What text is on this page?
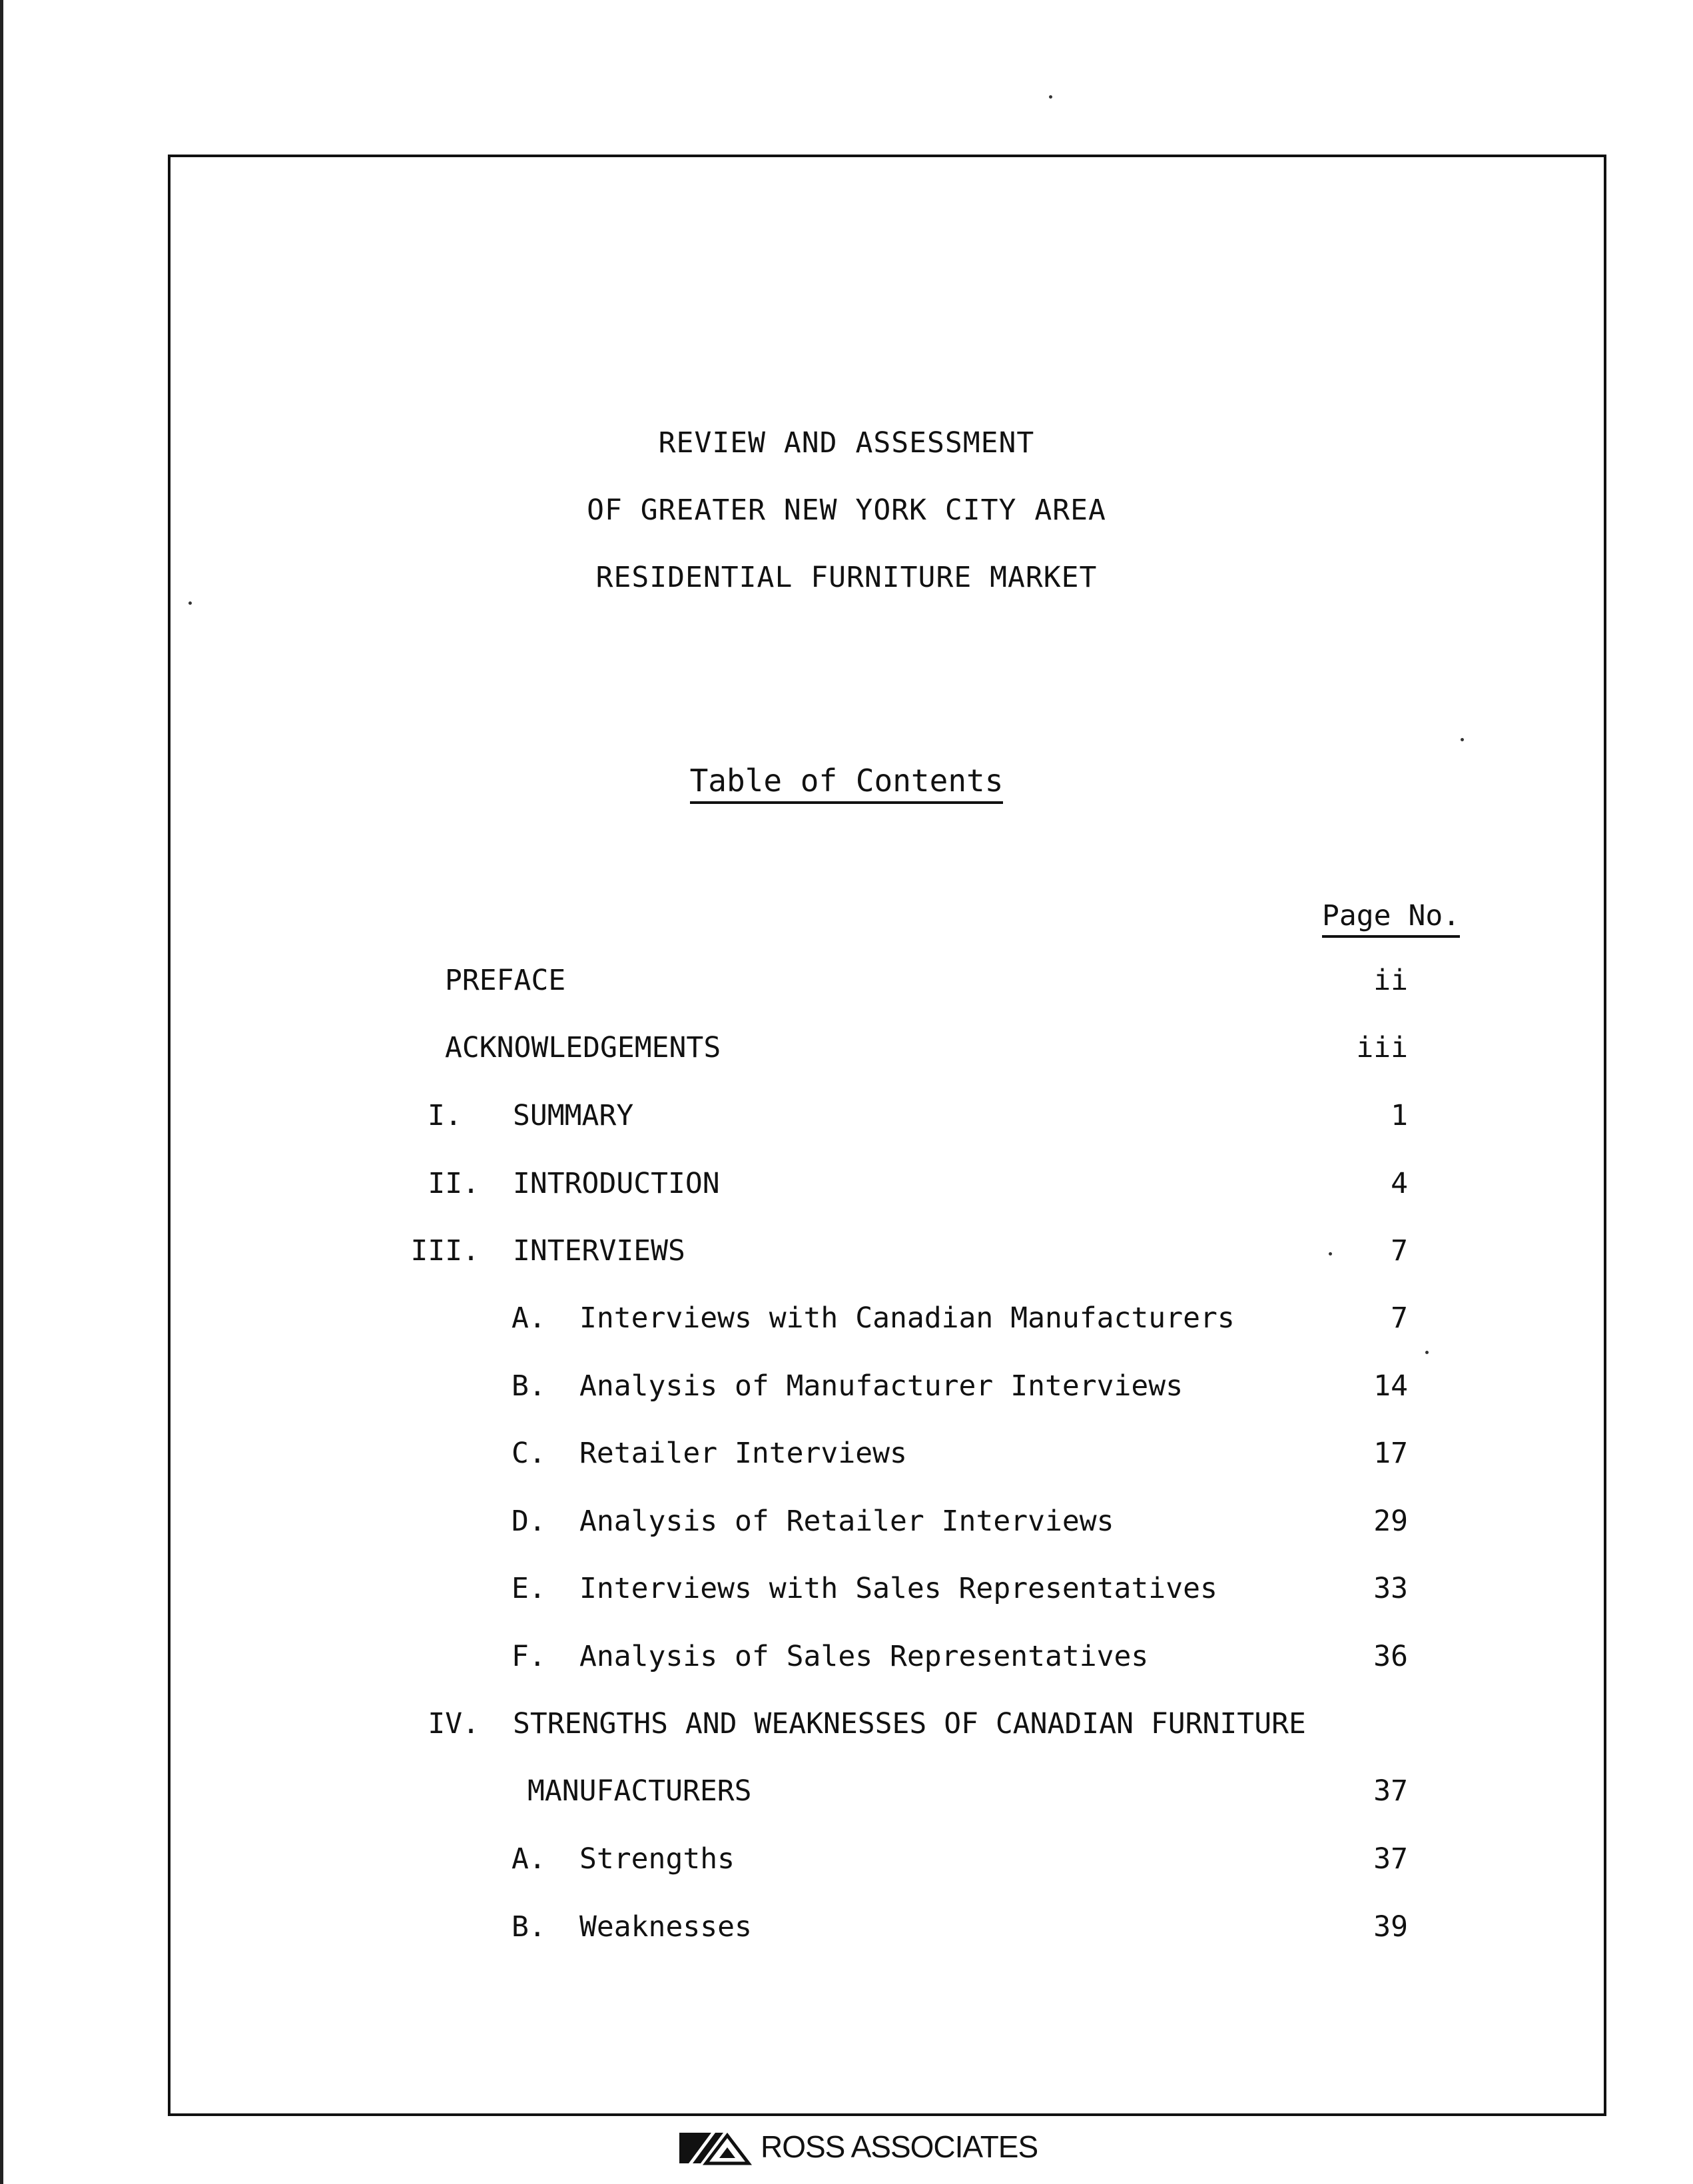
REVIEW AND ASSESSMENT
OF GREATER NEW YORK CITY AREA
RESIDENTIAL FURNITURE MARKET
Table of Contents
Page No.
PREFACE	ii
ACKNOWLEDGEMENTS	iii
I.	SUMMARY	1
II. INTRODUCTION	4
III. INTERVIEWS	7
A. Interviews with Canadian Manufacturers	7
B. Analysis of Manufacturer Interviews	14
C. Retailer Interviews	17
D. Analysis of Retailer Interviews	29
E. Interviews with Sales Representatives	33
F. Analysis of Sales Representatives	36
IV. STRENGTHS AND WEAKNESSES OF CANADIAN FURNITURE
MANUFACTURERS	37
A. Strengths	37
B. Weaknesses	39
ROSS ASSOCIATES
